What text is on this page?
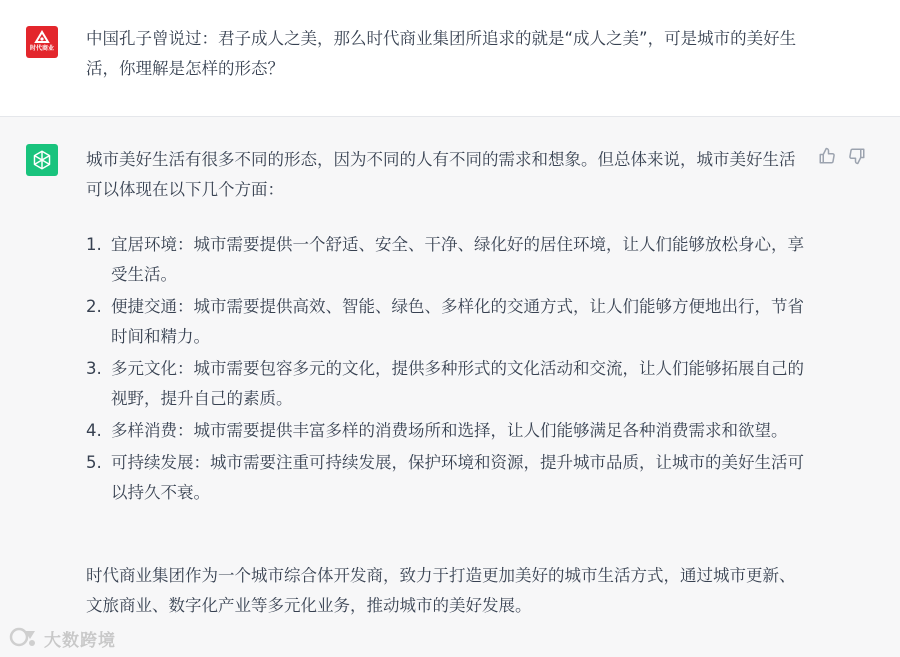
时代商业
中国孔子曾说过：君子成人之美，那么时代商业集团所追求的就是“成人之美”，可是城市的美好生活，你理解是怎样的形态？
城市美好生活有很多不同的形态，因为不同的人有不同的需求和想象。但总体来说，城市美好生活可以体现在以下几个方面：
1. 宜居环境：城市需要提供一个舒适、安全、干净、绿化好的居住环境，让人们能够放松身心，享受生活。
2. 便捷交通：城市需要提供高效、智能、绿色、多样化的交通方式，让人们能够方便地出行，节省时间和精力。
3. 多元文化：城市需要包容多元的文化，提供多种形式的文化活动和交流，让人们能够拓展自己的视野，提升自己的素质。
4. 多样消费：城市需要提供丰富多样的消费场所和选择，让人们能够满足各种消费需求和欲望。
5. 可持续发展：城市需要注重可持续发展，保护环境和资源，提升城市品质，让城市的美好生活可以持久不衰。
时代商业集团作为一个城市综合体开发商，致力于打造更加美好的城市生活方式，通过城市更新、文旅商业、数字化产业等多元化业务，推动城市的美好发展。
大数跨境
